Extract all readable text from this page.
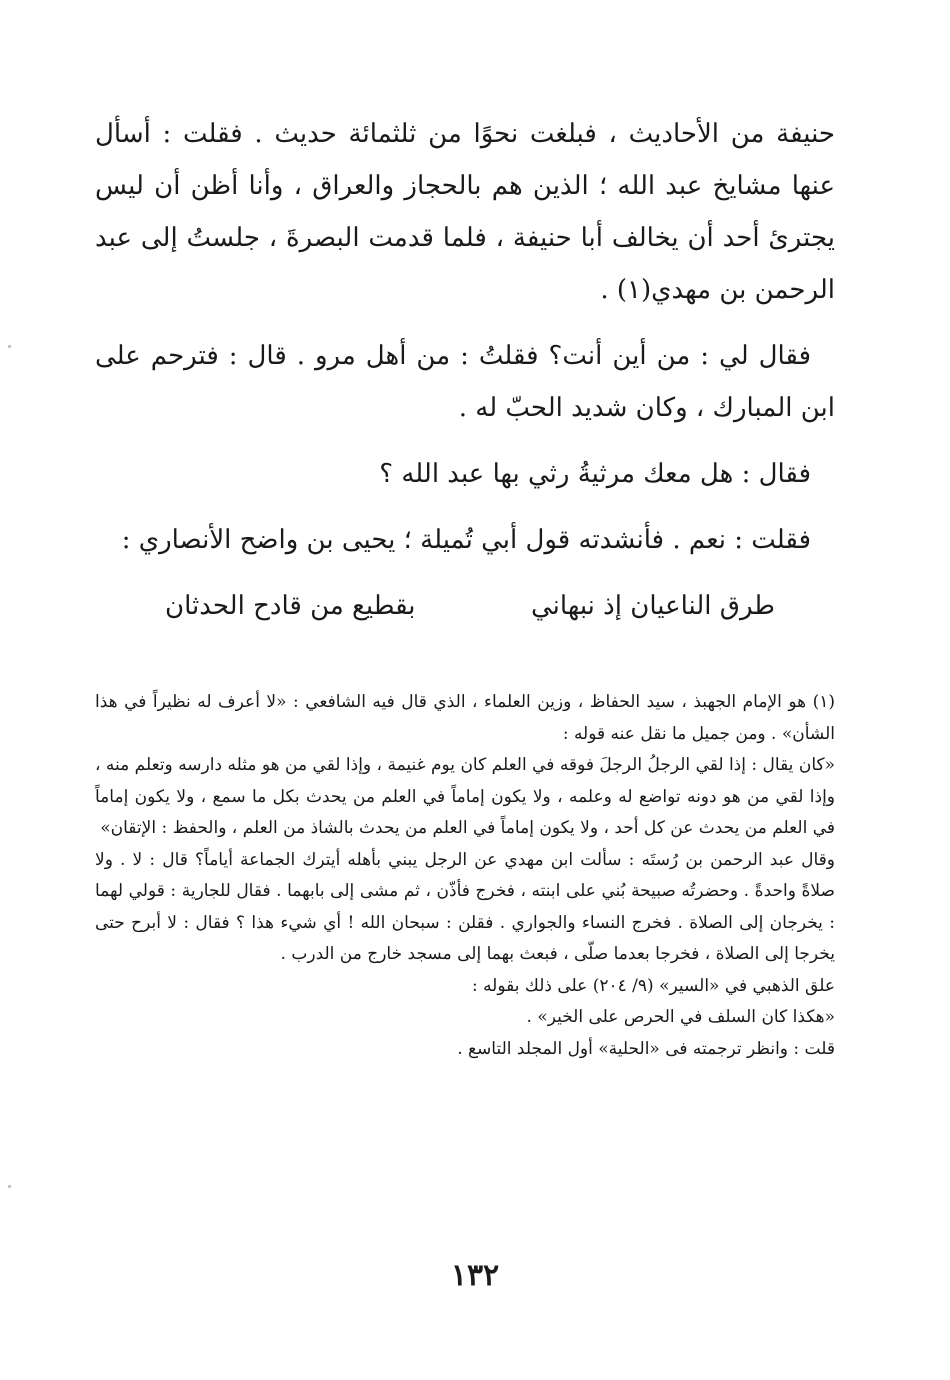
حنيفة من الأحاديث ، فبلغت نحوًا من ثلثمائة حديث . فقلت : أسأل عنها مشايخ عبد الله ؛ الذين هم بالحجاز والعراق ، وأنا أظن أن ليس يجترئ أحد أن يخالف أبا حنيفة ، فلما قدمت البصرةَ ، جلستُ إلى عبد الرحمن بن مهدي(١) .

فقال لي : من أين أنت؟ فقلتُ : من أهل مرو . قال : فترحم على ابن المبارك ، وكان شديد الحبّ له .

فقال : هل معك مرثيةُ رثي بها عبد الله ؟

فقلت : نعم . فأنشدته قول أبي تُميلة ؛ يحيى بن واضح الأنصاري :

طرق الناعيان إذ نبهاني
بقطيع من قادح الحدثان

(١) هو الإمام الجهبذ ، سيد الحفاظ ، وزين العلماء ، الذي قال فيه الشافعي : «لا أعرف له نظيراً في هذا الشأن» . ومن جميل ما نقل عنه قوله :

«كان يقال : إذا لقي الرجلُ الرجلَ فوقه في العلم كان يوم غنيمة ، وإذا لقي من هو مثله دارسه وتعلم منه ، وإذا لقي من هو دونه تواضع له وعلمه ، ولا يكون إماماً في العلم من يحدث بكل ما سمع ، ولا يكون إماماً في العلم من يحدث عن كل أحد ، ولا يكون إماماً في العلم من يحدث بالشاذ من العلم ، والحفظ : الإتقان»

وقال عبد الرحمن بن رُستَه : سألت ابن مهدي عن الرجل يبني بأهله أيترك الجماعة أياماً؟ قال : لا . ولا صلاةً واحدةً . وحضرتُه صبيحة بُني على ابنته ، فخرج فأذّن ، ثم مشى إلى بابهما . فقال للجارية : قولي لهما : يخرجان إلى الصلاة . فخرج النساء والجواري . فقلن : سبحان الله ! أي شيء هذا ؟ فقال : لا أبرح حتى يخرجا إلى الصلاة ، فخرجا بعدما صلّى ، فبعث بهما إلى مسجد خارج من الدرب .

علق الذهبي في «السير» (٩/ ٢٠٤) على ذلك بقوله :

«هكذا كان السلف في الحرص على الخير» .

قلت : وانظر ترجمته فى «الحلية» أول المجلد التاسع .

١٣٢
